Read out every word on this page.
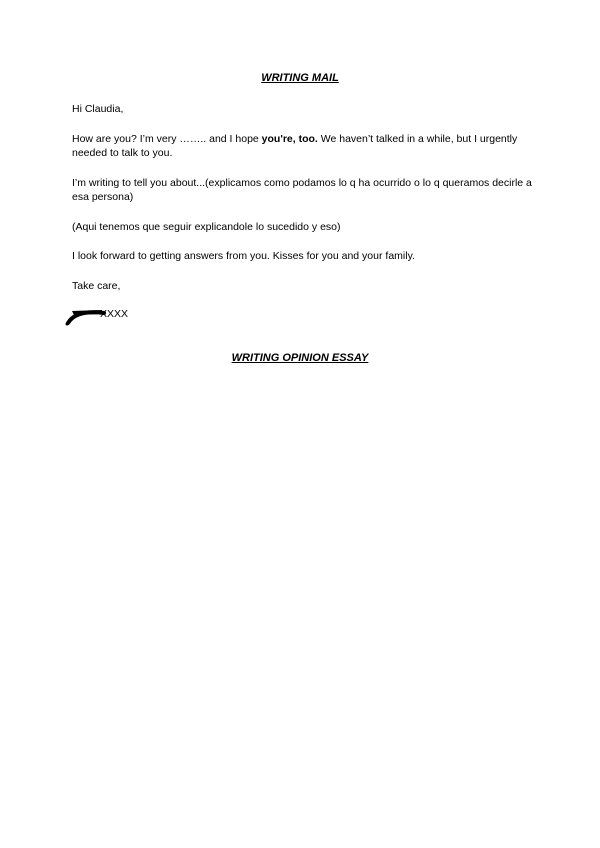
WRITING MAIL
Hi Claudia,
How are you? I’m very …….. and I hope you're, too. We haven’t talked in a while, but I urgently needed to talk to you.
I’m writing to tell you about...(explicamos como podamos lo q ha ocurrido o lo q queramos decirle a esa persona)
(Aqui tenemos que seguir explicandole lo sucedido y eso)
I look forward to getting answers from you. Kisses for you and your family.
Take care,
XXXX
WRITING OPINION ESSAY
